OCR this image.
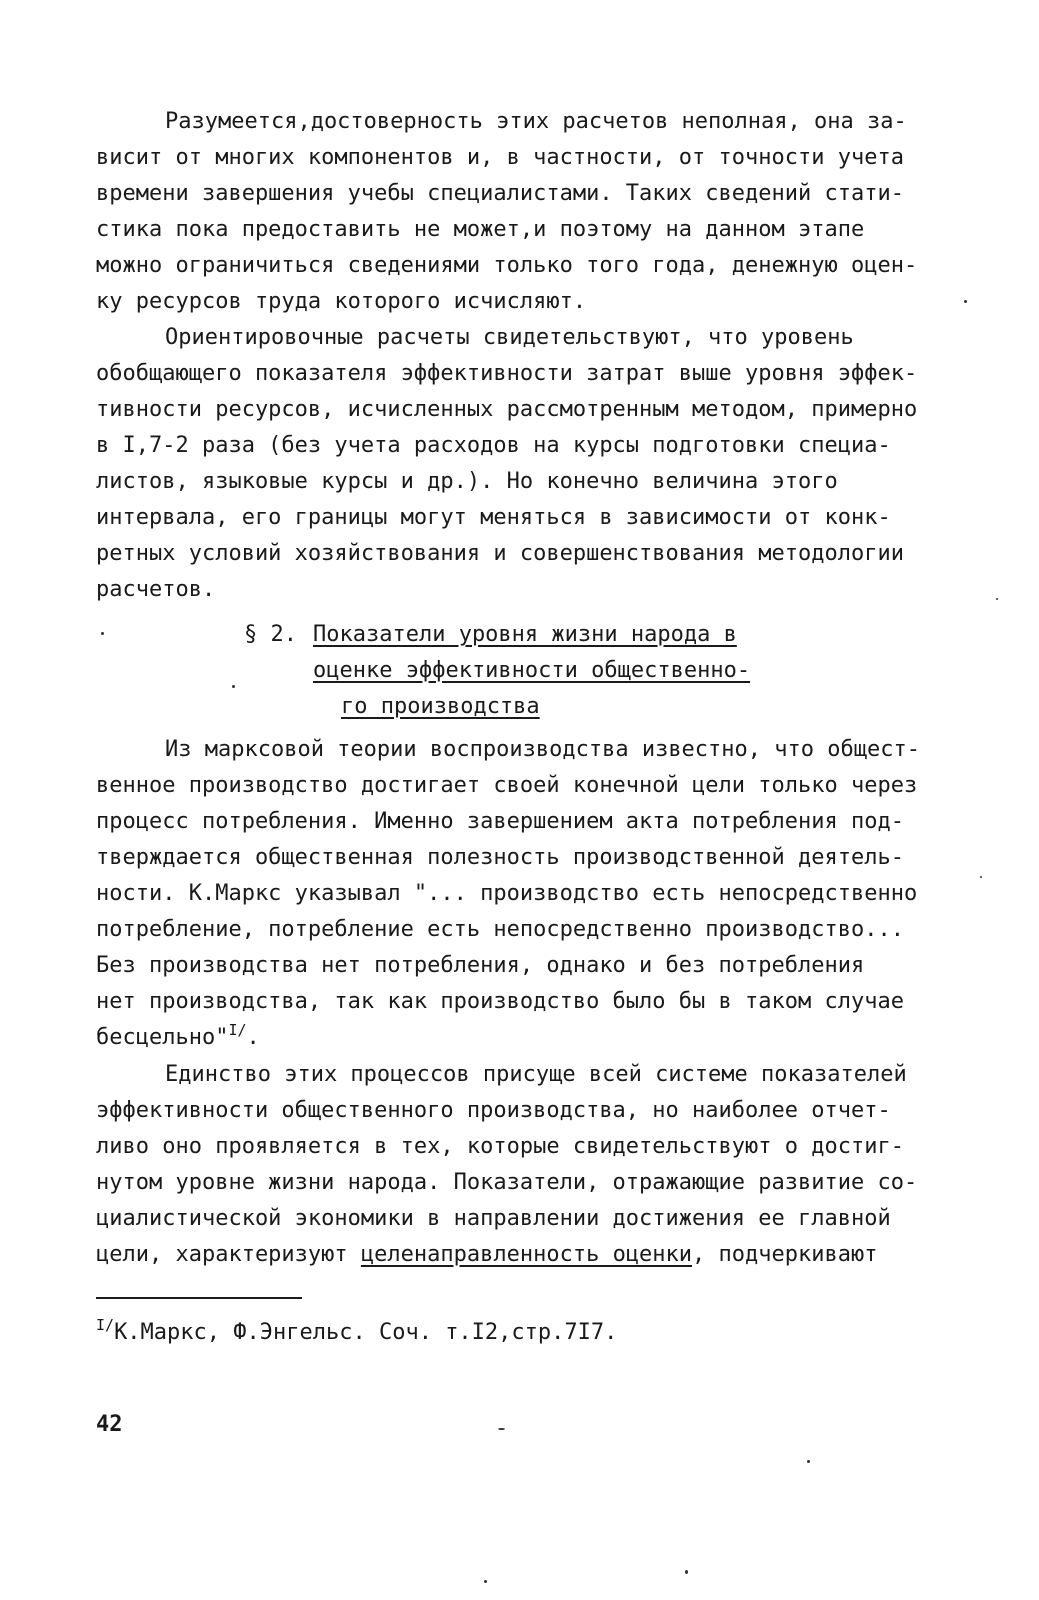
Разумеется,достоверность этих расчетов неполная, она за-
висит от многих компонентов и, в частности, от точности учета
времени завершения учебы специалистами. Таких сведений стати-
стика пока предоставить не может,и поэтому на данном этапе
можно ограничиться сведениями только того года, денежную оцен-
ку ресурсов труда которого исчисляют.
Ориентировочные расчеты свидетельствуют, что уровень
обобщающего показателя эффективности затрат выше уровня эффек-
тивности ресурсов, исчисленных рассмотренным методом, примерно
в I,7-2 раза (без учета расходов на курсы подготовки специа-
листов, языковые курсы и др.). Но конечно величина этого
интервала, его границы могут меняться в зависимости от конк-
ретных условий хозяйствования и совершенствования методологии
расчетов.
§ 2. Показатели уровня жизни народа в
оценке эффективности общественно-
го производства
Из марксовой теории воспроизводства известно, что общест-
венное производство достигает своей конечной цели только через
процесс потребления. Именно завершением акта потребления под-
тверждается общественная полезность производственной деятель-
ности. К.Маркс указывал "... производство есть непосредственно
потребление, потребление есть непосредственно производство...
Без производства нет потребления, однако и без потребления
нет производства, так как производство было бы в таком случае
бесцельно"$^{I/}$.
Единство этих процессов присуще всей системе показателей
эффективности общественного производства, но наиболее отчет-
ливо оно проявляется в тех, которые свидетельствуют о достиг-
нутом уровне жизни народа. Показатели, отражающие развитие со-
циалистической экономики в направлении достижения ее главной
цели, характеризуют целенаправленность оценки, подчеркивают
$^{I/}$К.Маркс, Ф.Энгельс. Соч. т.I2,стр.7I7.
42
